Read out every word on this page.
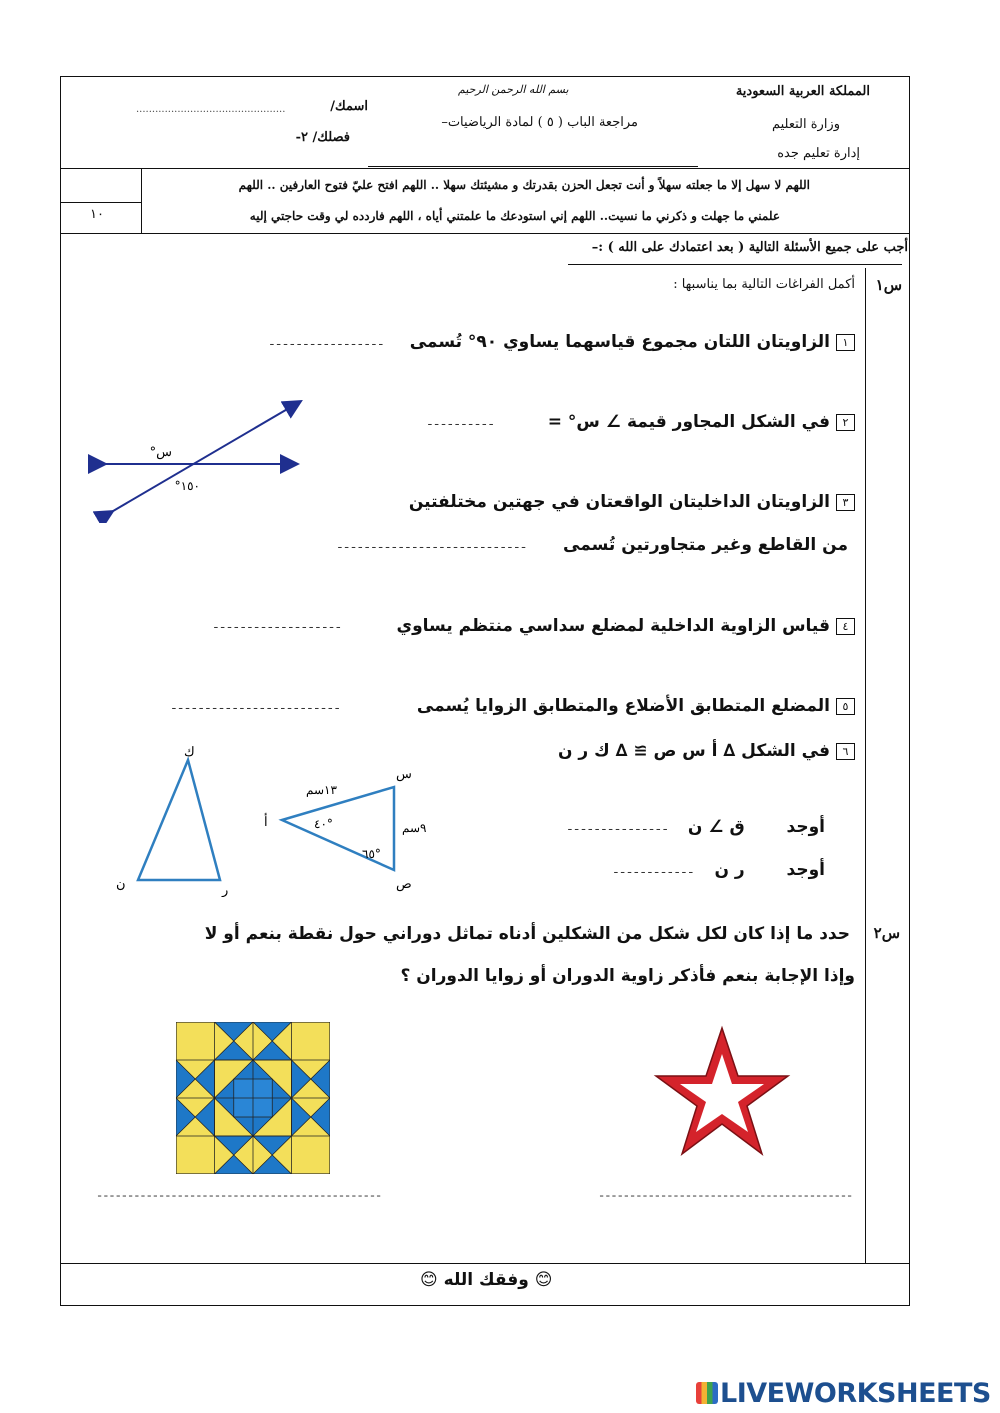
١٠
بسم الله الرحمن الرحيم	المملكة العربية السعودية
وزارة التعليم
إدارة تعليم جده
مراجعة الباب ( ٥ ) لمادة الرياضيات–
اسمك/
...............................................
فصلك/ ٢-
اللهم لا سهل إلا ما جعلته سهلاً و أنت تجعل الحزن بقدرتك و مشيئتك سهلا .. اللهم افتح عليّ فتوح العارفين .. اللهم
علمني ما جهلت و ذكرني ما نسيت.. اللهم إني استودعك ما علمتني أياه ، اللهم فاردده لي وقت حاجتي إليه
أجب على جميع الأسئلة التالية ( بعد اعتمادك على الله ) :–
س١
أكمل الفراغات التالية بما يناسبها :
١الزاويتان اللتان مجموع قياسهما يساوي ٩٠° تُسمى
-----------------
٢في الشكل المجاور قيمة ∠ س° =
----------
س°
١٥٠°
٣الزاويتان الداخليتان الواقعتان في جهتين مختلفتين
من القاطع وغير متجاورتين تُسمى
----------------------------
٤قياس الزاوية الداخلية لمضلع سداسي منتظم يساوي
-------------------
٥المضلع المتطابق الأضلاع والمتطابق الزوايا يُسمى
-------------------------
٦في الشكل ∆ أ س ص ≅ ∆ ك ر ن
أوجد  ق ∠ ن
---------------
أوجد  ر ن
------------
ك
ن	ر
أ
س
ص
١٣سم
٩سم
٤٠°
٦٥°
س٢
حدد ما إذا كان لكل شكل من الشكلين أدناه تماثل دوراني حول نقطة بنعم أو لا
وإذا الإجابة بنعم فأذكر زاوية الدوران أو زوايا الدوران ؟
----------------------------------------------	-----------------------------------------
😊 وفقك الله 😊
LIVEWORKSHEETS
